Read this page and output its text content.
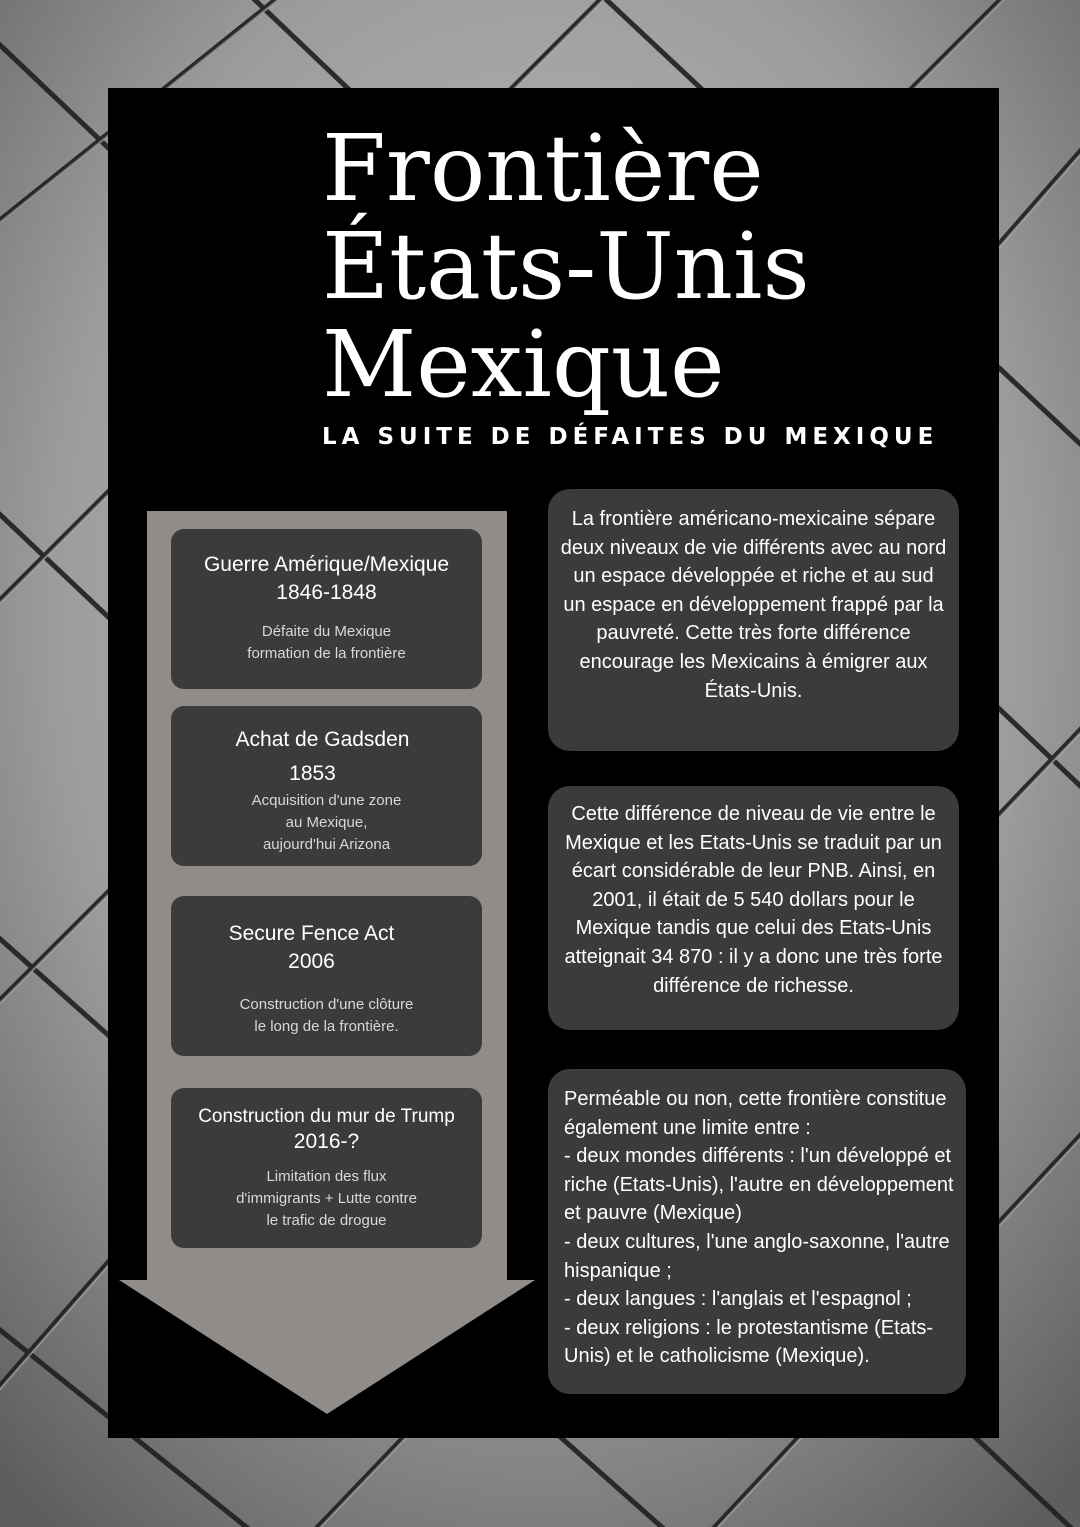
Frontière
États-Unis
Mexique
LA SUITE DE DÉFAITES DU MEXIQUE
Guerre Amérique/Mexique
1846-1848
Défaite du Mexique
formation de la frontière
Achat de Gadsden
1853
Acquisition d'une zone
au Mexique,
aujourd'hui Arizona
Secure Fence Act
2006
Construction d'une clôture
le long de la frontière.
Construction du mur de Trump
2016-?
Limitation des flux
d'immigrants + Lutte contre
le trafic de drogue
La frontière américano-mexicaine sépare deux niveaux de vie différents avec au nord un espace développée et riche et au sud un espace en développement frappé par la pauvreté. Cette très forte différence encourage les Mexicains à émigrer aux États-Unis.
Cette différence de niveau de vie entre le Mexique et les Etats-Unis se traduit par un écart considérable de leur PNB. Ainsi, en 2001, il était de 5 540 dollars pour le Mexique tandis que celui des Etats-Unis atteignait 34 870 : il y a donc une très forte différence de richesse.
Perméable ou non, cette frontière constitue également une limite entre :
- deux mondes différents : l'un développé et riche (Etats-Unis), l'autre en développement et pauvre (Mexique)
- deux cultures, l'une anglo-saxonne, l'autre hispanique ;
- deux langues : l'anglais et l'espagnol ;
- deux religions : le protestantisme (Etats-Unis) et le catholicisme (Mexique).
